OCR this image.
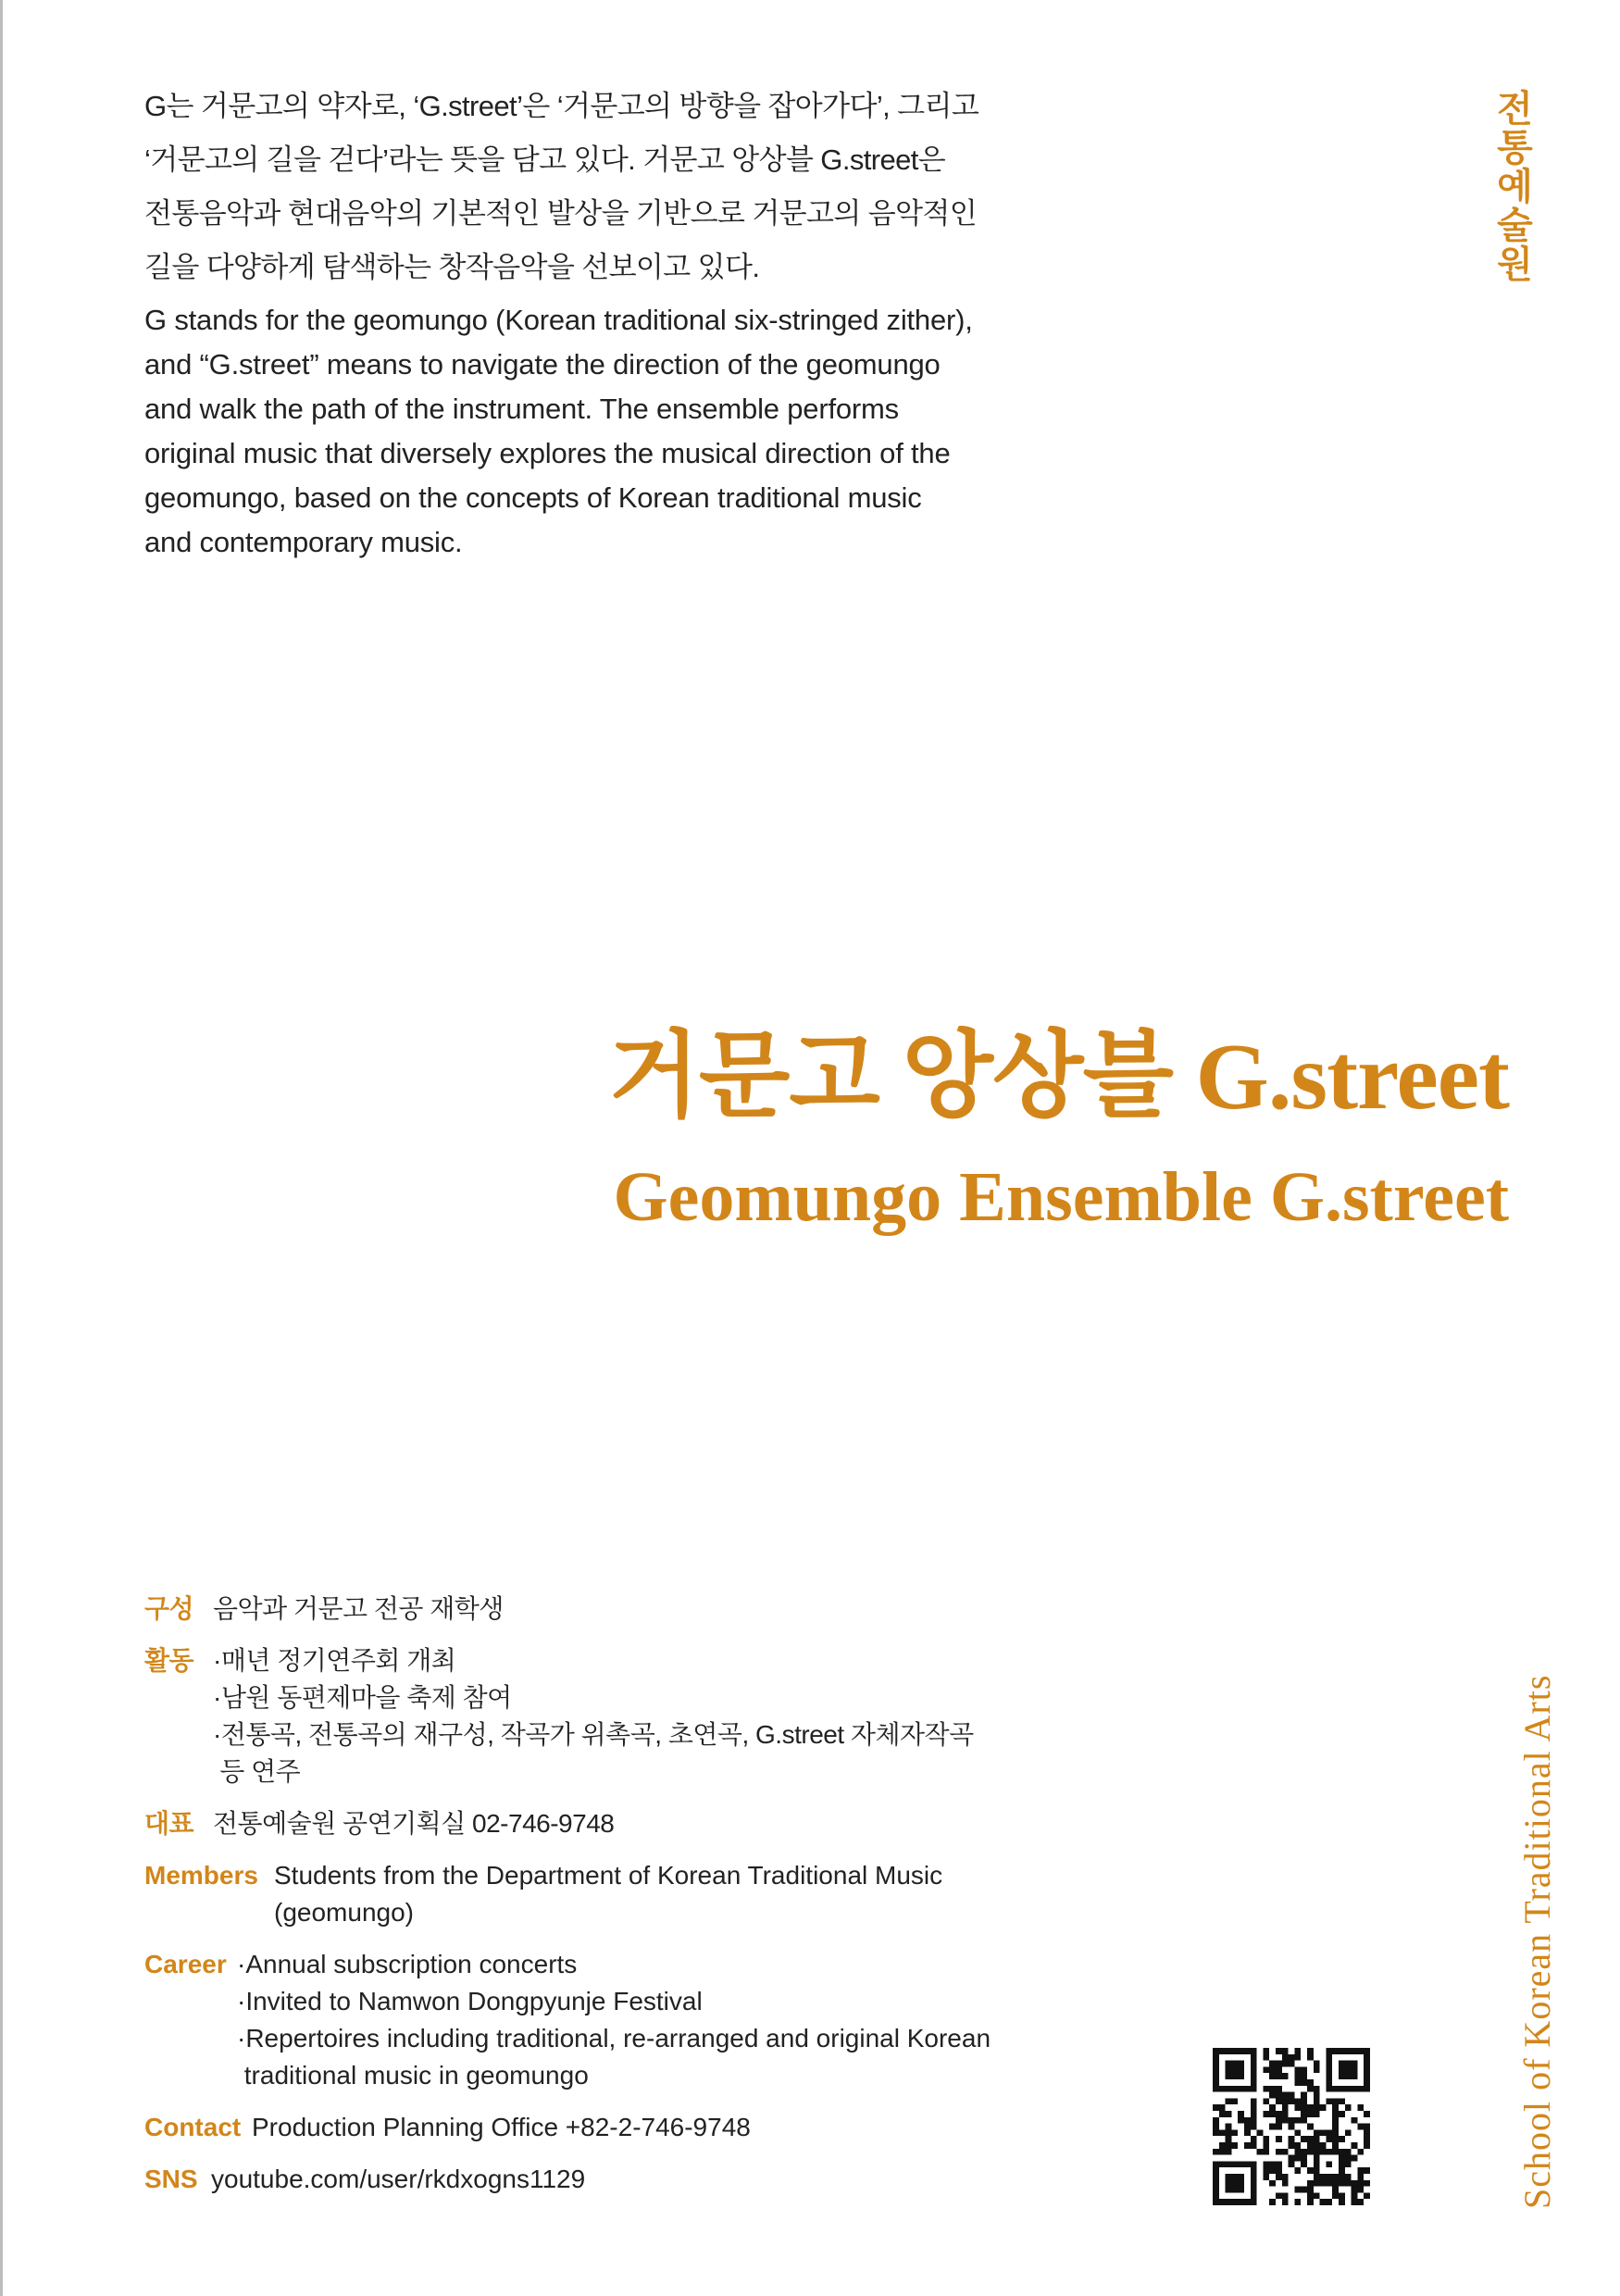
G는 거문고의 약자로, ‘G.street’은 ‘거문고의 방향을 잡아가다’, 그리고

‘거문고의 길을 걷다’라는 뜻을 담고 있다. 거문고 앙상블 G.street은

전통음악과 현대음악의 기본적인 발상을 기반으로 거문고의 음악적인

길을 다양하게 탐색하는 창작음악을 선보이고 있다.

G stands for the geomungo (Korean traditional six-stringed zither),

and “G.street” means to navigate the direction of the geomungo

and walk the path of the instrument. The ensemble performs

original music that diversely explores the musical direction of the

geomungo, based on the concepts of Korean traditional music

and contemporary music.

전통예술원
School of Korean Traditional Arts
거문고 앙상블 G.street
Geomungo Ensemble G.street
구성 음악과 거문고 전공 재학생
활동 ·매년 정기연주회 개최
·남원 동편제마을 축제 참여
·전통곡, 전통곡의 재구성, 작곡가 위촉곡, 초연곡, G.street 자체자작곡
등 연주
대표 전통예술원 공연기획실 02-746-9748
Members Students from the Department of Korean Traditional Music
(geomungo)
Career ·Annual subscription concerts
·Invited to Namwon Dongpyunje Festival
·Repertoires including traditional, re-arranged and original Korean
traditional music in geomungo
Contact Production Planning Office +82-2-746-9748
SNS youtube.com/user/rkdxogns1129
